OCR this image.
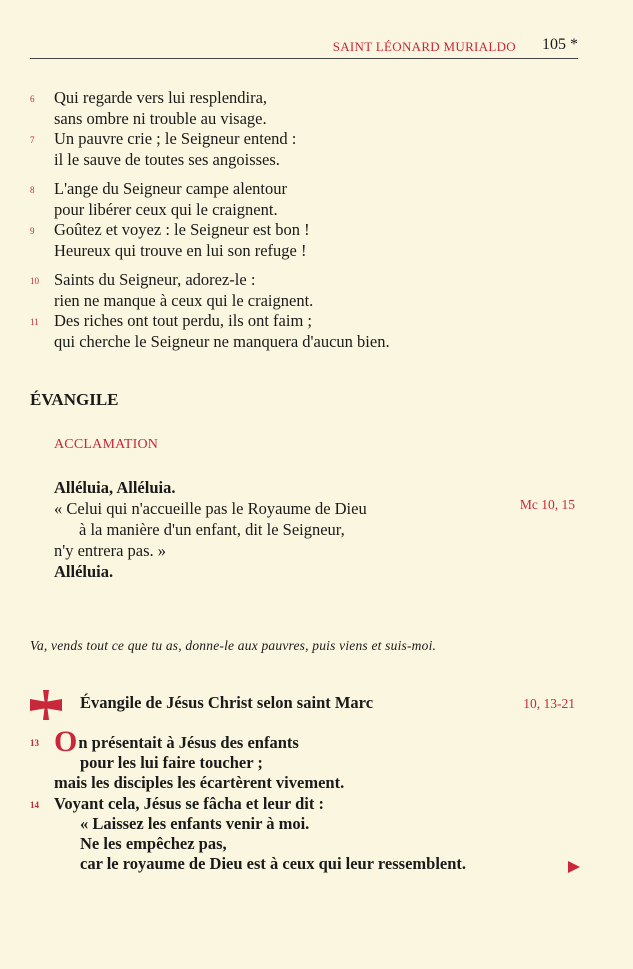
SAINT LÉONARD MURIALDO 105 *
6 Qui regarde vers lui resplendira,
sans ombre ni trouble au visage.
7 Un pauvre crie ; le Seigneur entend :
il le sauve de toutes ses angoisses.
8 L'ange du Seigneur campe alentour
pour libérer ceux qui le craignent.
9 Goûtez et voyez : le Seigneur est bon !
Heureux qui trouve en lui son refuge !
10 Saints du Seigneur, adorez-le :
rien ne manque à ceux qui le craignent.
11 Des riches ont tout perdu, ils ont faim ;
qui cherche le Seigneur ne manquera d'aucun bien.
ÉVANGILE
ACCLAMATION
Alléluia, Alléluia.
« Celui qui n'accueille pas le Royaume de Dieu
à la manière d'un enfant, dit le Seigneur,
n'y entrera pas. »
Alléluia.
Mc 10, 15
Va, vends tout ce que tu as, donne-le aux pauvres, puis viens et suis-moi.
Évangile de Jésus Christ selon saint Marc	10, 13-21
13 On présentait à Jésus des enfants
pour les lui faire toucher ;
mais les disciples les écartèrent vivement.
14 Voyant cela, Jésus se fâcha et leur dit :
« Laissez les enfants venir à moi.
Ne les empêchez pas,
car le royaume de Dieu est à ceux qui leur ressemblent.
